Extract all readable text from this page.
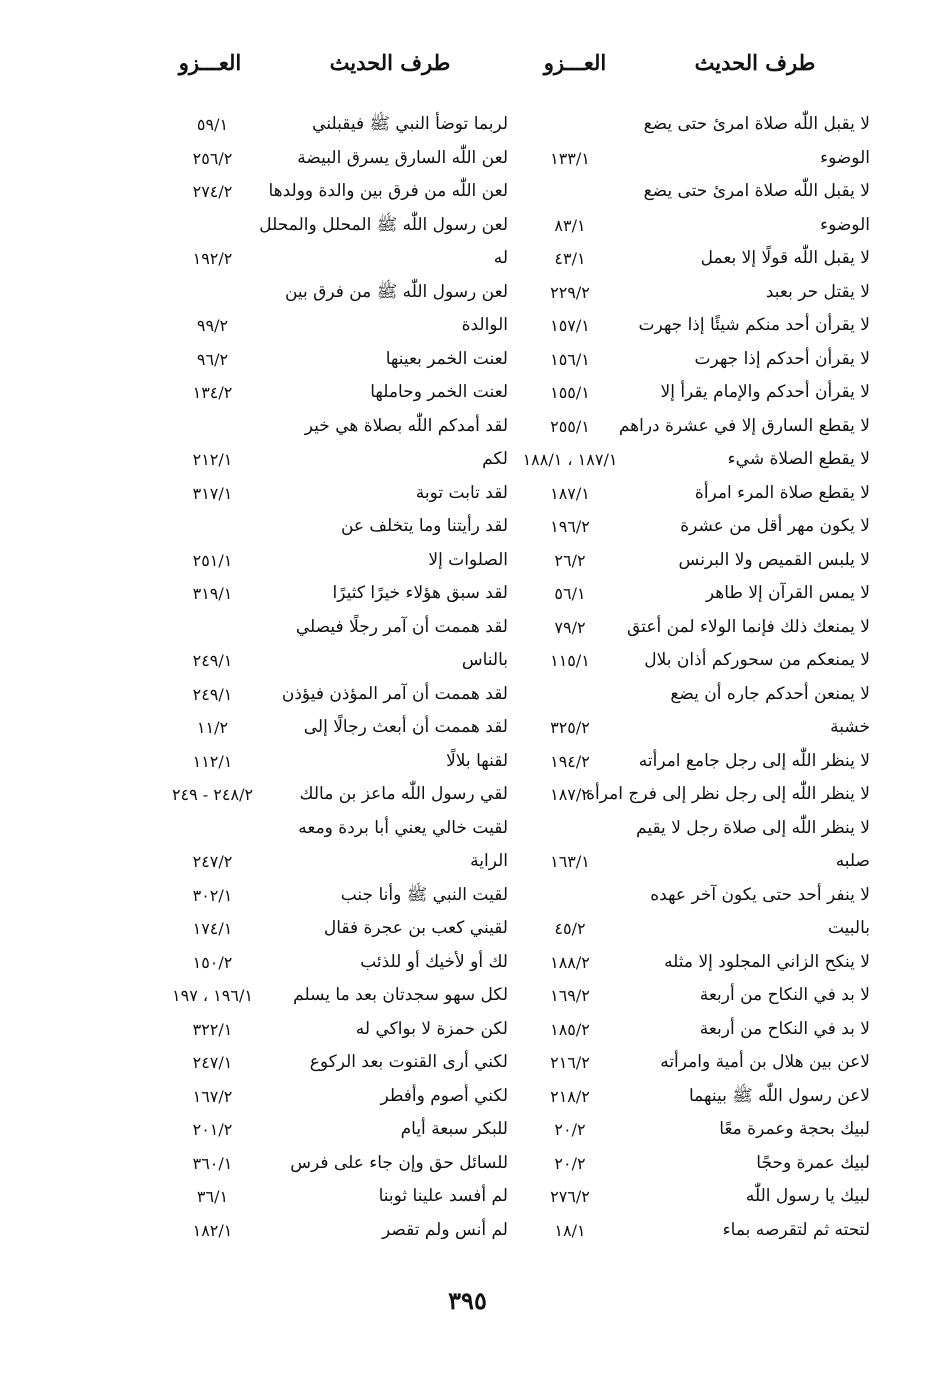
طرف الحديث
العـــزو
طرف الحديث
العـــزو
لا يقبل اللّٰه صلاة امرئ حتى يضع
الوضوء
لا يقبل اللّٰه صلاة امرئ حتى يضع
الوضوء
لا يقبل اللّٰه قولًا إلا بعمل
لا يقتل حر بعبد
لا يقرأن أحد منكم شيئًا إذا جهرت
لا يقرأن أحدكم إذا جهرت
لا يقرأن أحدكم والإمام يقرأ إلا
لا يقطع السارق إلا في عشرة دراهم
لا يقطع الصلاة شيء
لا يقطع صلاة المرء امرأة
لا يكون مهر أقل من عشرة
لا يلبس القميص ولا البرنس
لا يمس القرآن إلا طاهر
لا يمنعك ذلك فإنما الولاء لمن أعتق
لا يمنعكم من سحوركم أذان بلال
لا يمنعن أحدكم جاره أن يضع
خشبة
لا ينظر اللّٰه إلى رجل جامع امرأته
لا ينظر اللّٰه إلى رجل نظر إلى فرج امرأة
لا ينظر اللّٰه إلى صلاة رجل لا يقيم
صلبه
لا ينفر أحد حتى يكون آخر عهده
بالبيت
لا ينكح الزاني المجلود إلا مثله
لا بد في النكاح من أربعة
لا بد في النكاح من أربعة
لاعن بين هلال بن أمية وامرأته
لاعن رسول اللّٰه ﷺ بينهما
لبيك بحجة وعمرة معًا
لبيك عمرة وحجًا
لبيك يا رسول اللّٰه
لتحته ثم لتقرصه بماء
١٣٣/١
٨٣/١
٤٣/١
٢٢٩/٢
١٥٧/١
١٥٦/١
١٥٥/١
٢٥٥/١
١٨٧/١ ، ١٨٨/١
١٨٧/١
١٩٦/٢
٢٦/٢
٥٦/١
٧٩/٢
١١٥/١
٣٢٥/٢
١٩٤/٢
١٨٧/٢
١٦٣/١
٤٥/٢
١٨٨/٢
١٦٩/٢
١٨٥/٢
٢١٦/٢
٢١٨/٢
٢٠/٢
٢٠/٢
٢٧٦/٢
١٨/١
لربما توضأ النبي ﷺ فيقبلني
لعن اللّٰه السارق يسرق البيضة
لعن اللّٰه من فرق بين والدة وولدها
لعن رسول اللّٰه ﷺ المحلل والمحلل
له
لعن رسول اللّٰه ﷺ من فرق بين
الوالدة
لعنت الخمر بعينها
لعنت الخمر وحاملها
لقد أمدكم اللّٰه بصلاة هي خير
لكم
لقد تابت توبة
لقد رأيتنا وما يتخلف عن
الصلوات إلا
لقد سبق هؤلاء خيرًا كثيرًا
لقد هممت أن آمر رجلًا فيصلي
بالناس
لقد هممت أن آمر المؤذن فيؤذن
لقد هممت أن أبعث رجالًا إلى
لقنها بلالًا
لقي رسول اللّٰه ماعز بن مالك
لقيت خالي يعني أبا بردة ومعه
الراية
لقيت النبي ﷺ وأنا جنب
لقيني كعب بن عجرة فقال
لك أو لأخيك أو للذئب
لكل سهو سجدتان بعد ما يسلم
لكن حمزة لا بواكي له
لكني أرى القنوت بعد الركوع
لكني أصوم وأفطر
للبكر سبعة أيام
للسائل حق وإن جاء على فرس
لم أفسد علينا ثوبنا
لم أنس ولم تقصر
٥٩/١
٢٥٦/٢
٢٧٤/٢
١٩٢/٢
٩٩/٢
٩٦/٢
١٣٤/٢
٢١٢/١
٣١٧/١
٢٥١/١
٣١٩/١
٢٤٩/١
٢٤٩/١
١١/٢
١١٢/١
٢٤٨/٢ - ٢٤٩
٢٤٧/٢
٣٠٢/١
١٧٤/١
١٥٠/٢
١٩٦/١ ، ١٩٧
٣٢٢/١
٢٤٧/١
١٦٧/٢
٢٠١/٢
٣٦٠/١
٣٦/١
١٨٢/١
٣٩٥
